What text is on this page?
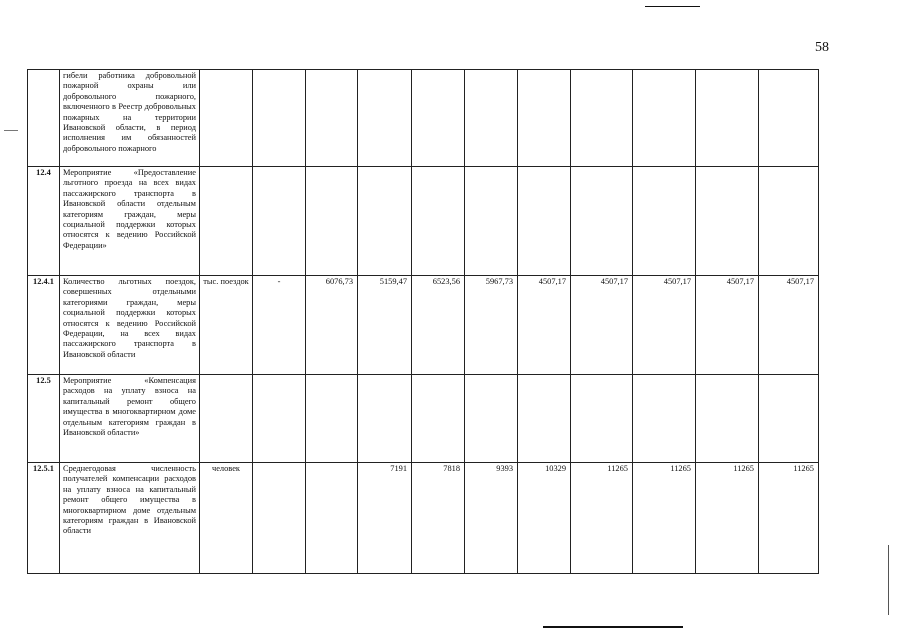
58
	гибели работника добровольной пожарной охраны или добровольного пожарного, включенного в Реестр добровольных пожарных на территории Ивановской области, в период исполнения им обязанностей добровольного пожарного											
12.4	Мероприятие «Предоставление льготного проезда на всех видах пассажирского транспорта в Ивановской области отдельным категориям граждан, меры социальной поддержки которых относятся к ведению Российской Федерации»											
12.4.1	Количество льготных поездок, совершенных отдельными категориями граждан, меры социальной поддержки которых относятся к ведению Российской Федерации, на всех видах пассажирского транспорта в Ивановской области	тыс. поездок	-	6076,73	5159,47	6523,56	5967,73	4507,17	4507,17	4507,17	4507,17	4507,17
12.5	Мероприятие «Компенсация расходов на уплату взноса на капитальный ремонт общего имущества в многоквартирном доме отдельным категориям граждан в Ивановской области»											
12.5.1	Среднегодовая численность получателей компенсации расходов на уплату взноса на капитальный ремонт общего имущества в многоквартирном доме отдельным категориям граждан в Ивановской области	человек			7191	7818	9393	10329	11265	11265	11265	11265
